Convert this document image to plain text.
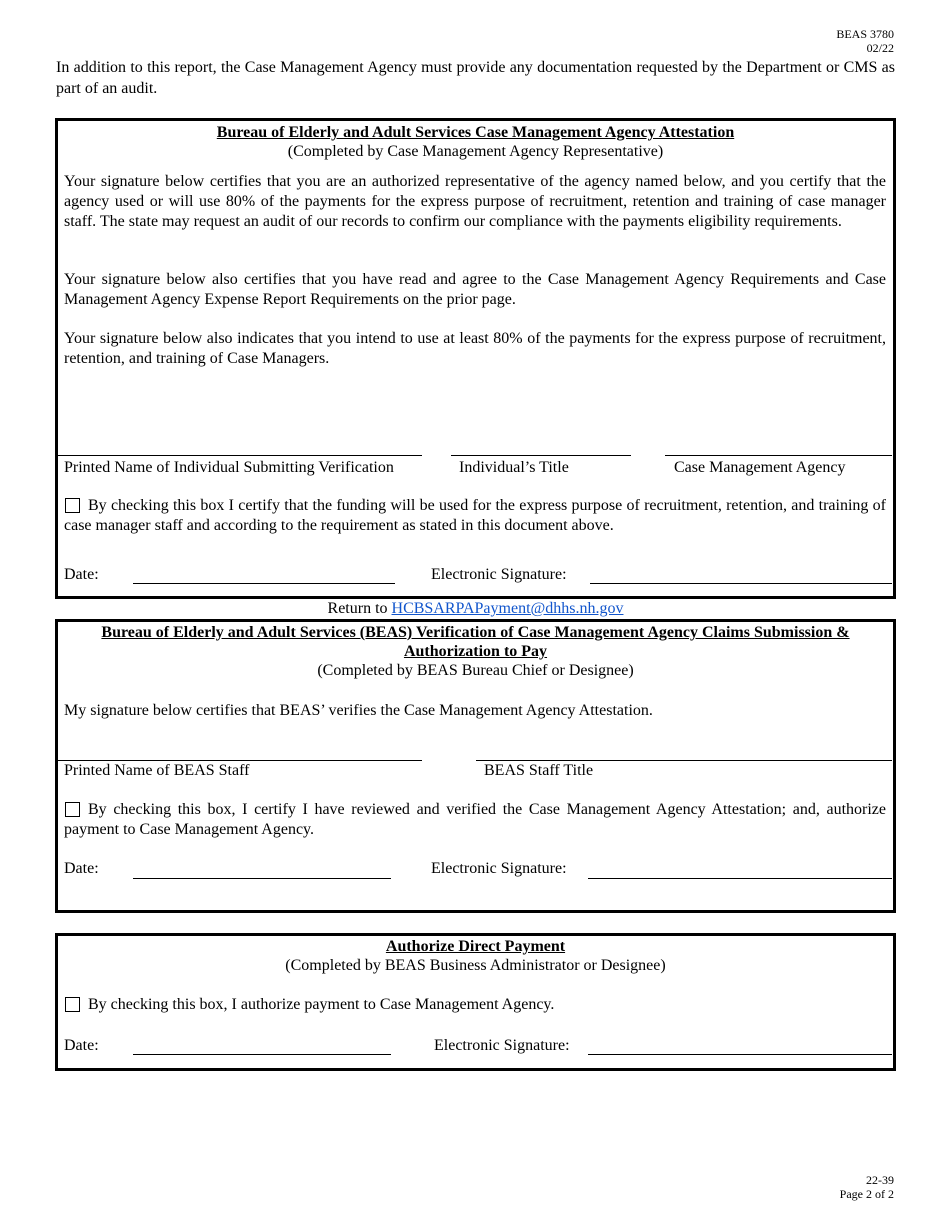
BEAS 3780
02/22
In addition to this report, the Case Management Agency must provide any documentation requested by the Department or CMS as part of an audit.
Bureau of Elderly and Adult Services Case Management Agency Attestation
(Completed by Case Management Agency Representative)
Your signature below certifies that you are an authorized representative of the agency named below, and you certify that the agency used or will use 80% of the payments for the express purpose of recruitment, retention and training of case manager staff. The state may request an audit of our records to confirm our compliance with the payments eligibility requirements.
Your signature below also certifies that you have read and agree to the Case Management Agency Requirements and Case Management Agency Expense Report Requirements on the prior page.
Your signature below also indicates that you intend to use at least 80% of the payments for the express purpose of recruitment, retention, and training of Case Managers.
Printed Name of Individual Submitting Verification	Individual’s Title	Case Management Agency
By checking this box I certify that the funding will be used for the express purpose of recruitment, retention, and training of case manager staff and according to the requirement as stated in this document above.
Date:	Electronic Signature:
Return to HCBSARPAPayment@dhhs.nh.gov
Bureau of Elderly and Adult Services (BEAS) Verification of Case Management Agency Claims Submission &
Authorization to Pay
(Completed by BEAS Bureau Chief or Designee)
My signature below certifies that BEAS’ verifies the Case Management Agency Attestation.
Printed Name of BEAS Staff	BEAS Staff Title
By checking this box, I certify I have reviewed and verified the Case Management Agency Attestation; and, authorize payment to Case Management Agency.
Date:	Electronic Signature:
Authorize Direct Payment
(Completed by BEAS Business Administrator or Designee)
By checking this box, I authorize payment to Case Management Agency.
Date:	Electronic Signature:
22-39
Page 2 of 2
